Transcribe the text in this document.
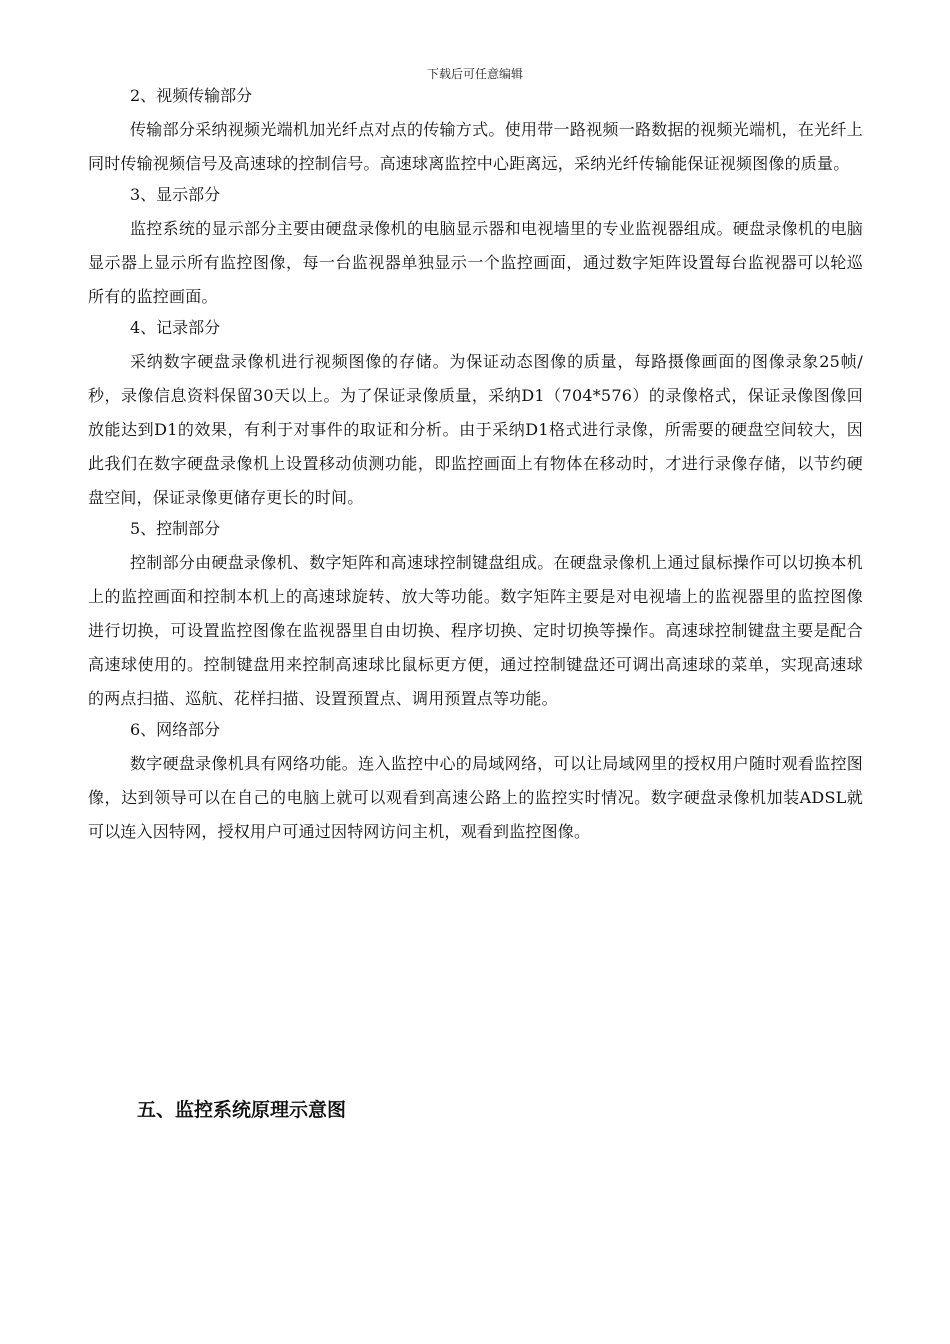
下载后可任意编辑

2、视频传输部分

传输部分采纳视频光端机加光纤点对点的传输方式。使用带一路视频一路数据的视频光端机，在光纤上同时传输视频信号及高速球的控制信号。高速球离监控中心距离远，采纳光纤传输能保证视频图像的质量。

3、显示部分

监控系统的显示部分主要由硬盘录像机的电脑显示器和电视墙里的专业监视器组成。硬盘录像机的电脑显示器上显示所有监控图像，每一台监视器单独显示一个监控画面，通过数字矩阵设置每台监视器可以轮巡所有的监控画面。

4、记录部分

采纳数字硬盘录像机进行视频图像的存储。为保证动态图像的质量，每路摄像画面的图像录象25帧/秒，录像信息资料保留30天以上。为了保证录像质量，采纳D1（704*576）的录像格式，保证录像图像回放能达到D1的效果，有利于对事件的取证和分析。由于采纳D1格式进行录像，所需要的硬盘空间较大，因此我们在数字硬盘录像机上设置移动侦测功能，即监控画面上有物体在移动时，才进行录像存储，以节约硬盘空间，保证录像更储存更长的时间。

5、控制部分

控制部分由硬盘录像机、数字矩阵和高速球控制键盘组成。在硬盘录像机上通过鼠标操作可以切换本机上的监控画面和控制本机上的高速球旋转、放大等功能。数字矩阵主要是对电视墙上的监视器里的监控图像进行切换，可设置监控图像在监视器里自由切换、程序切换、定时切换等操作。高速球控制键盘主要是配合高速球使用的。控制键盘用来控制高速球比鼠标更方便，通过控制键盘还可调出高速球的菜单，实现高速球的两点扫描、巡航、花样扫描、设置预置点、调用预置点等功能。

6、网络部分

数字硬盘录像机具有网络功能。连入监控中心的局域网络，可以让局域网里的授权用户随时观看监控图像，达到领导可以在自己的电脑上就可以观看到高速公路上的监控实时情况。数字硬盘录像机加装ADSL就可以连入因特网，授权用户可通过因特网访问主机，观看到监控图像。

五、监控系统原理示意图
